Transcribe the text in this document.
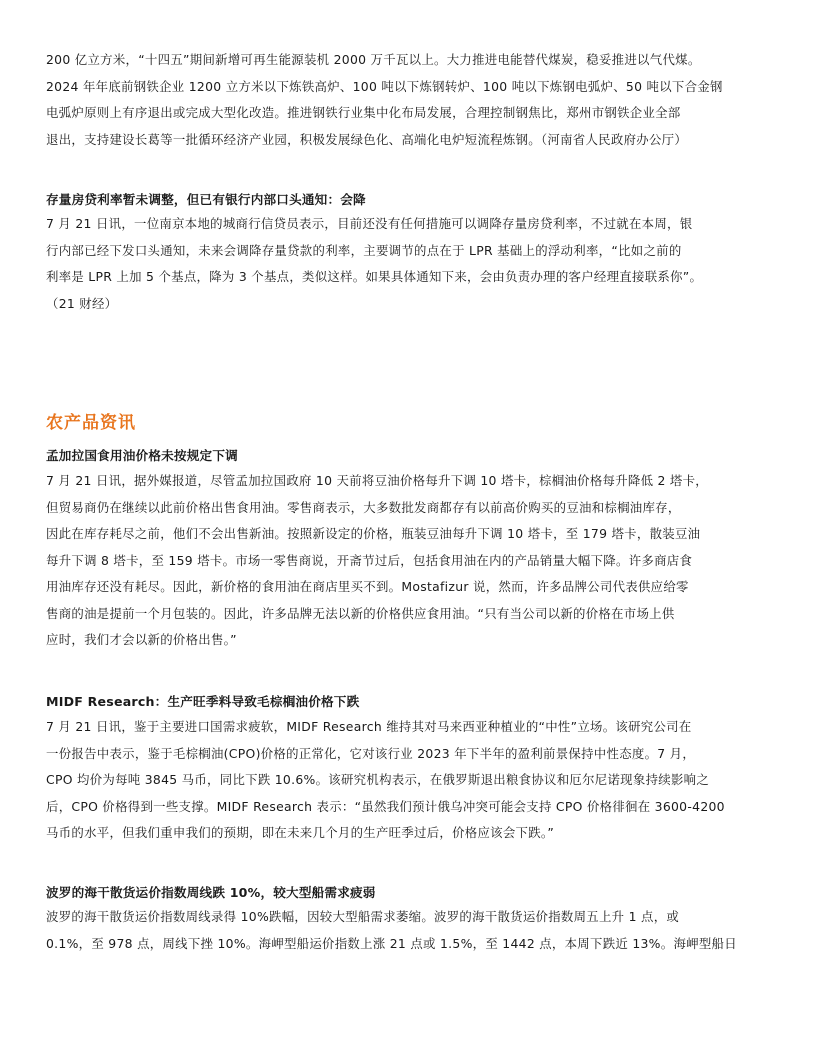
200 亿立方米，“十四五”期间新增可再生能源装机 2000 万千瓦以上。大力推进电能替代煤炭，稳妥推进以气代煤。
2024 年年底前钢铁企业 1200 立方米以下炼铁高炉、100 吨以下炼钢转炉、100 吨以下炼钢电弧炉、50 吨以下合金钢
电弧炉原则上有序退出或完成大型化改造。推进钢铁行业集中化布局发展，合理控制钢焦比，郑州市钢铁企业全部
退出，支持建设长葛等一批循环经济产业园，积极发展绿色化、高端化电炉短流程炼钢。（河南省人民政府办公厅）
存量房贷利率暂未调整，但已有银行内部口头通知：会降
7 月 21 日讯，一位南京本地的城商行信贷员表示，目前还没有任何措施可以调降存量房贷利率，不过就在本周，银
行内部已经下发口头通知，未来会调降存量贷款的利率，主要调节的点在于 LPR 基础上的浮动利率，“比如之前的
利率是 LPR 上加 5 个基点，降为 3 个基点，类似这样。如果具体通知下来，会由负责办理的客户经理直接联系你”。
（21 财经）
农产品资讯
孟加拉国食用油价格未按规定下调
7 月 21 日讯，据外媒报道，尽管孟加拉国政府 10 天前将豆油价格每升下调 10 塔卡，棕榈油价格每升降低 2 塔卡，
但贸易商仍在继续以此前价格出售食用油。零售商表示，大多数批发商都存有以前高价购买的豆油和棕榈油库存，
因此在库存耗尽之前，他们不会出售新油。按照新设定的价格，瓶装豆油每升下调 10 塔卡，至 179 塔卡，散装豆油
每升下调 8 塔卡，至 159 塔卡。市场一零售商说，开斋节过后，包括食用油在内的产品销量大幅下降。许多商店食
用油库存还没有耗尽。因此，新价格的食用油在商店里买不到。Mostafizur 说，然而，许多品牌公司代表供应给零
售商的油是提前一个月包装的。因此，许多品牌无法以新的价格供应食用油。“只有当公司以新的价格在市场上供
应时，我们才会以新的价格出售。”
MIDF Research：生产旺季料导致毛棕榈油价格下跌
7 月 21 日讯，鉴于主要进口国需求疲软，MIDF Research 维持其对马来西亚种植业的“中性”立场。该研究公司在
一份报告中表示，鉴于毛棕榈油(CPO)价格的正常化，它对该行业 2023 年下半年的盈利前景保持中性态度。7 月，
CPO 均价为每吨 3845 马币，同比下跌 10.6%。该研究机构表示，在俄罗斯退出粮食协议和厄尔尼诺现象持续影响之
后，CPO 价格得到一些支撑。MIDF Research 表示：“虽然我们预计俄乌冲突可能会支持 CPO 价格徘徊在 3600-4200
马币的水平，但我们重申我们的预期，即在未来几个月的生产旺季过后，价格应该会下跌。”
波罗的海干散货运价指数周线跌 10%，较大型船需求疲弱
波罗的海干散货运价指数周线录得 10%跌幅，因较大型船需求萎缩。波罗的海干散货运价指数周五上升 1 点，或
0.1%，至 978 点，周线下挫 10%。海岬型船运价指数上涨 21 点或 1.5%，至 1442 点，本周下跌近 13%。海岬型船日
